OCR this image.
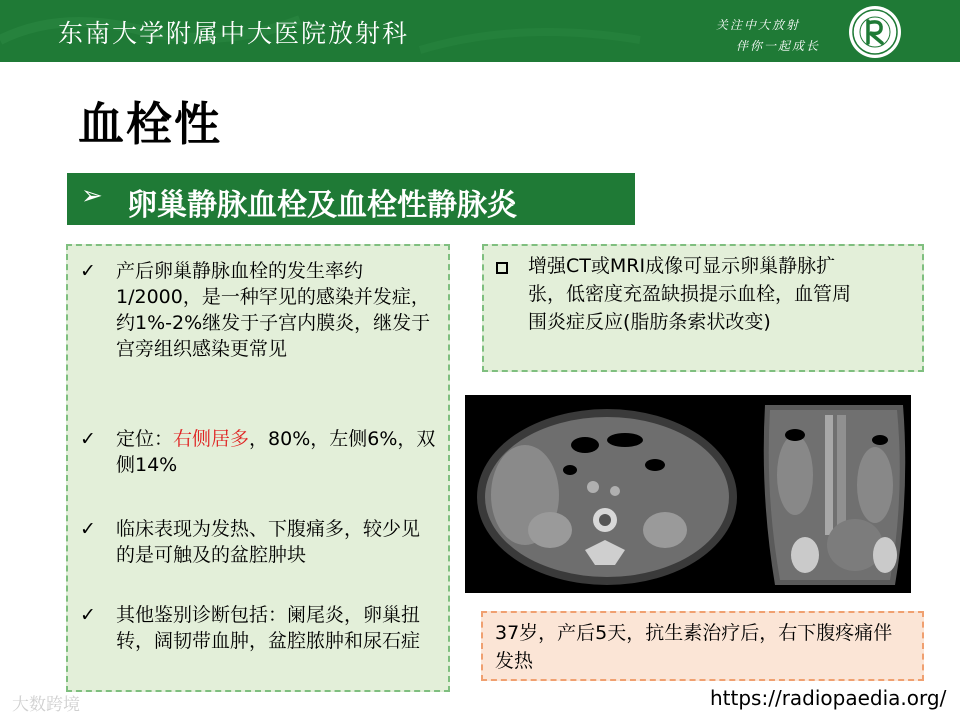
东南大学附属中大医院放射科	关注中大放射
伴你一起成长
血栓性
➢ 卵巢静脉血栓及血栓性静脉炎
✓	产后卵巢静脉血栓的发生率约1/2000，是一种罕见的感染并发症，约1%-2%继发于子宫内膜炎，继发于宫旁组织感染更常见
✓	定位：右侧居多，80%，左侧6%，双侧14%
✓	临床表现为发热、下腹痛多，较少见的是可触及的盆腔肿块
✓	其他鉴别诊断包括：阑尾炎，卵巢扭转，阔韧带血肿，盆腔脓肿和尿石症
增强CT或MRI成像可显示卵巢静脉扩张，低密度充盈缺损提示血栓，血管周围炎症反应(脂肪条索状改变)
37岁，产后5天，抗生素治疗后，右下腹疼痛伴发热
https://radiopaedia.org/
大数跨境
